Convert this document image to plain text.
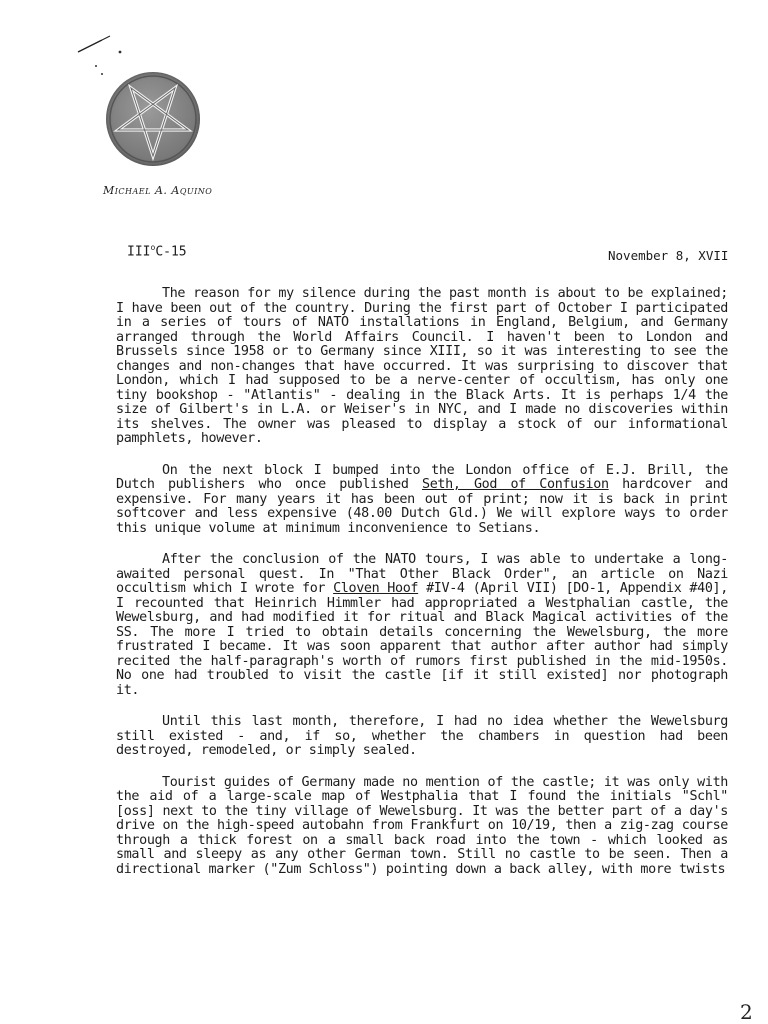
Michael A. Aquino
III$^o$C-15	November 8, XVII

The reason for my silence during the past month is about to be explained; I have been out of the country. During the first part of October I participated in a series of tours of NATO installations in England, Belgium, and Germany arranged through the World Affairs Council. I haven't been to London and Brussels since 1958 or to Germany since XIII, so it was interesting to see the changes and non-changes that have occurred. It was surprising to discover that London, which I had supposed to be a nerve-center of occultism, has only one tiny bookshop - "Atlantis" - dealing in the Black Arts. It is perhaps 1/4 the size of Gilbert's in L.A. or Weiser's in NYC, and I made no discoveries within its shelves. The owner was pleased to display a stock of our informational pamphlets, however.

On the next block I bumped into the London office of E.J. Brill, the Dutch publishers who once published Seth, God of Confusion hardcover and expensive. For many years it has been out of print; now it is back in print softcover and less expensive (48.00 Dutch Gld.) We will explore ways to order this unique volume at minimum inconvenience to Setians.

After the conclusion of the NATO tours, I was able to undertake a long-awaited personal quest. In "That Other Black Order", an article on Nazi occultism which I wrote for Cloven Hoof #IV-4 (April VII) [DO-1, Appendix #40], I recounted that Heinrich Himmler had appropriated a Westphalian castle, the Wewelsburg, and had modified it for ritual and Black Magical activities of the SS. The more I tried to obtain details concerning the Wewelsburg, the more frustrated I became. It was soon apparent that author after author had simply recited the half-paragraph's worth of rumors first published in the mid-1950s. No one had troubled to visit the castle [if it still existed] nor photograph it.

Until this last month, therefore, I had no idea whether the Wewelsburg still existed - and, if so, whether the chambers in question had been destroyed, remodeled, or simply sealed.

Tourist guides of Germany made no mention of the castle; it was only with the aid of a large-scale map of Westphalia that I found the initials "Schl"[oss] next to the tiny village of Wewelsburg. It was the better part of a day's drive on the high-speed autobahn from Frankfurt on 10/19, then a zig-zag course through a thick forest on a small back road into the town - which looked as small and sleepy as any other German town. Still no castle to be seen. Then a directional marker ("Zum Schloss") pointing down a back alley, with more twists

2
